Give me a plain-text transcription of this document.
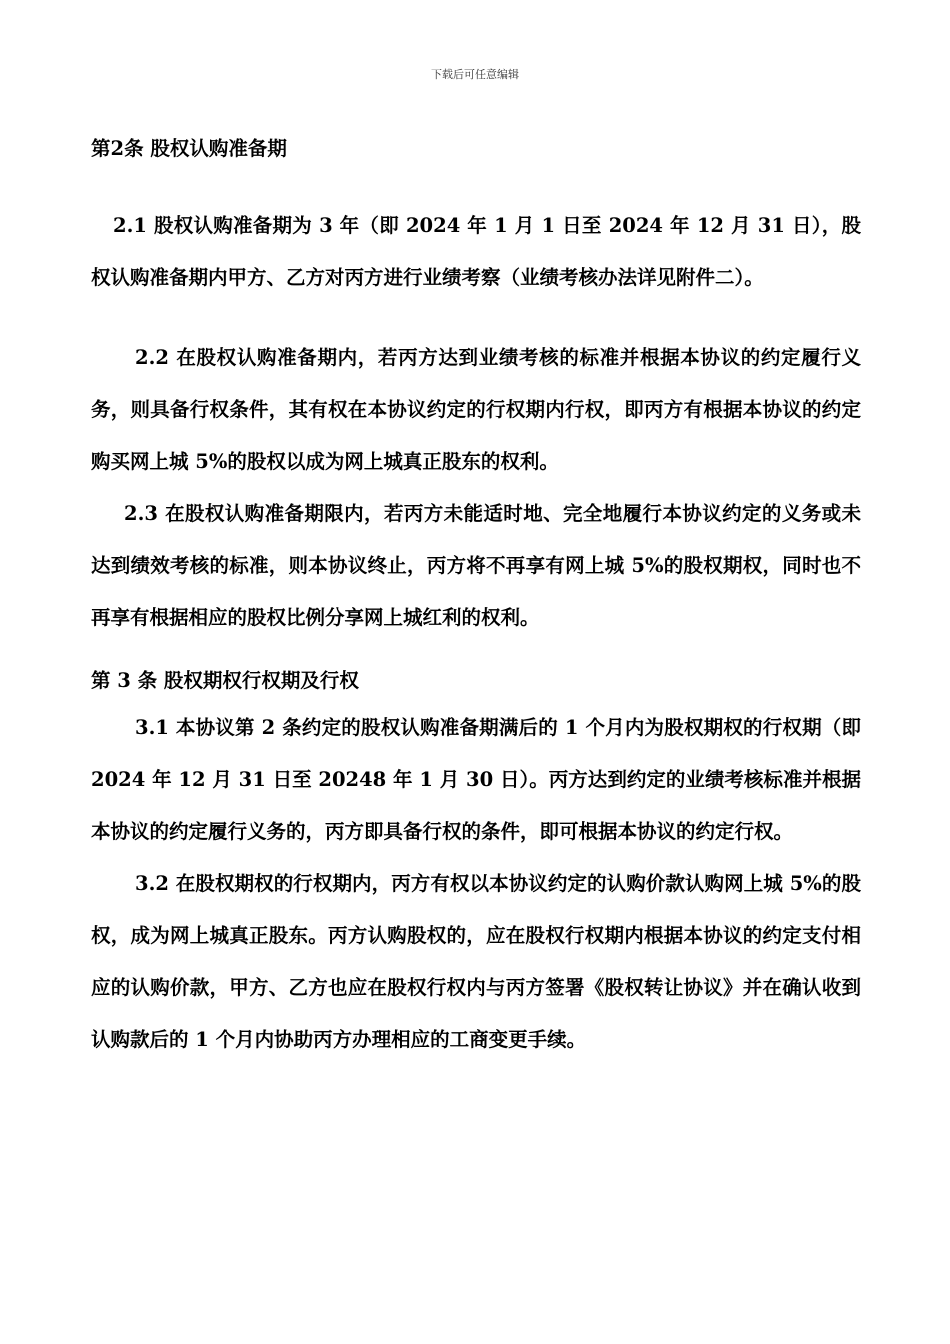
下载后可任意编辑
第2条 股权认购准备期

2.1 股权认购准备期为 3 年（即 2024 年 1 月 1 日至 2024 年 12 月 31 日），股权认购准备期内甲方、乙方对丙方进行业绩考察（业绩考核办法详见附件二）。

2.2 在股权认购准备期内，若丙方达到业绩考核的标准并根据本协议的约定履行义务，则具备行权条件，其有权在本协议约定的行权期内行权，即丙方有根据本协议的约定购买网上城 5%的股权以成为网上城真正股东的权利。

2.3 在股权认购准备期限内，若丙方未能适时地、完全地履行本协议约定的义务或未达到绩效考核的标准，则本协议终止，丙方将不再享有网上城 5%的股权期权，同时也不再享有根据相应的股权比例分享网上城红利的权利。

第 3 条 股权期权行权期及行权

3.1 本协议第 2 条约定的股权认购准备期满后的 1 个月内为股权期权的行权期（即 2024 年 12 月 31 日至 20248 年 1 月 30 日）。丙方达到约定的业绩考核标准并根据本协议的约定履行义务的，丙方即具备行权的条件，即可根据本协议的约定行权。

3.2 在股权期权的行权期内，丙方有权以本协议约定的认购价款认购网上城 5%的股权，成为网上城真正股东。丙方认购股权的，应在股权行权期内根据本协议的约定支付相应的认购价款，甲方、乙方也应在股权行权内与丙方签署《股权转让协议》并在确认收到认购款后的 1 个月内协助丙方办理相应的工商变更手续。
